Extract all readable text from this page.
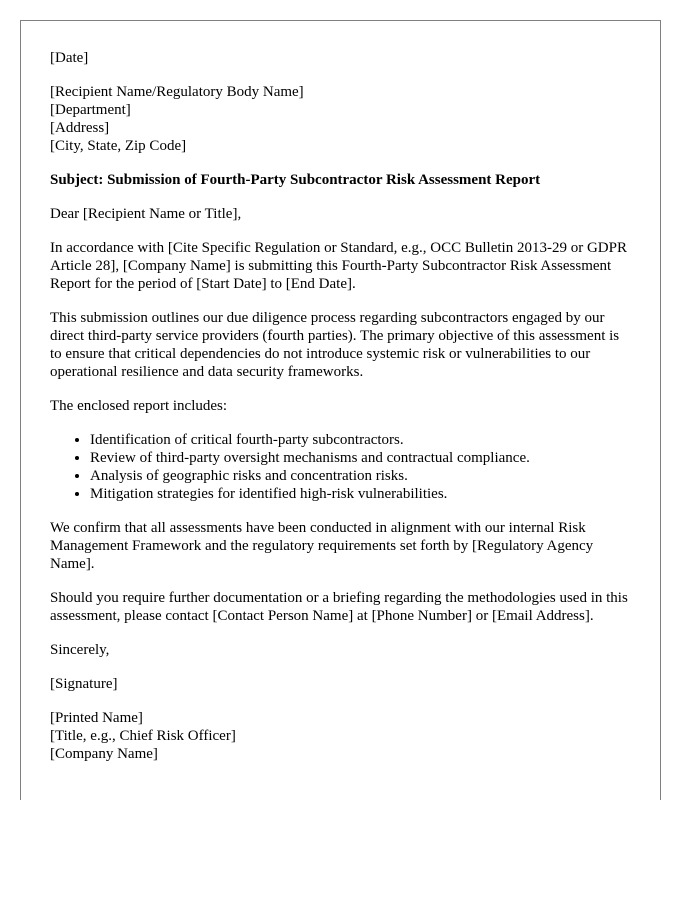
[Date]

[Recipient Name/Regulatory Body Name]
[Department]
[Address]
[City, State, Zip Code]

Subject: Submission of Fourth-Party Subcontractor Risk Assessment Report

Dear [Recipient Name or Title],

In accordance with [Cite Specific Regulation or Standard, e.g., OCC Bulletin 2013-29 or GDPR Article 28], [Company Name] is submitting this Fourth-Party Subcontractor Risk Assessment Report for the period of [Start Date] to [End Date].

This submission outlines our due diligence process regarding subcontractors engaged by our direct third-party service providers (fourth parties). The primary objective of this assessment is to ensure that critical dependencies do not introduce systemic risk or vulnerabilities to our operational resilience and data security frameworks.

The enclosed report includes:

• Identification of critical fourth-party subcontractors.
• Review of third-party oversight mechanisms and contractual compliance.
• Analysis of geographic risks and concentration risks.
• Mitigation strategies for identified high-risk vulnerabilities.

We confirm that all assessments have been conducted in alignment with our internal Risk Management Framework and the regulatory requirements set forth by [Regulatory Agency Name].

Should you require further documentation or a briefing regarding the methodologies used in this assessment, please contact [Contact Person Name] at [Phone Number] or [Email Address].

Sincerely,

[Signature]

[Printed Name]
[Title, e.g., Chief Risk Officer]
[Company Name]
